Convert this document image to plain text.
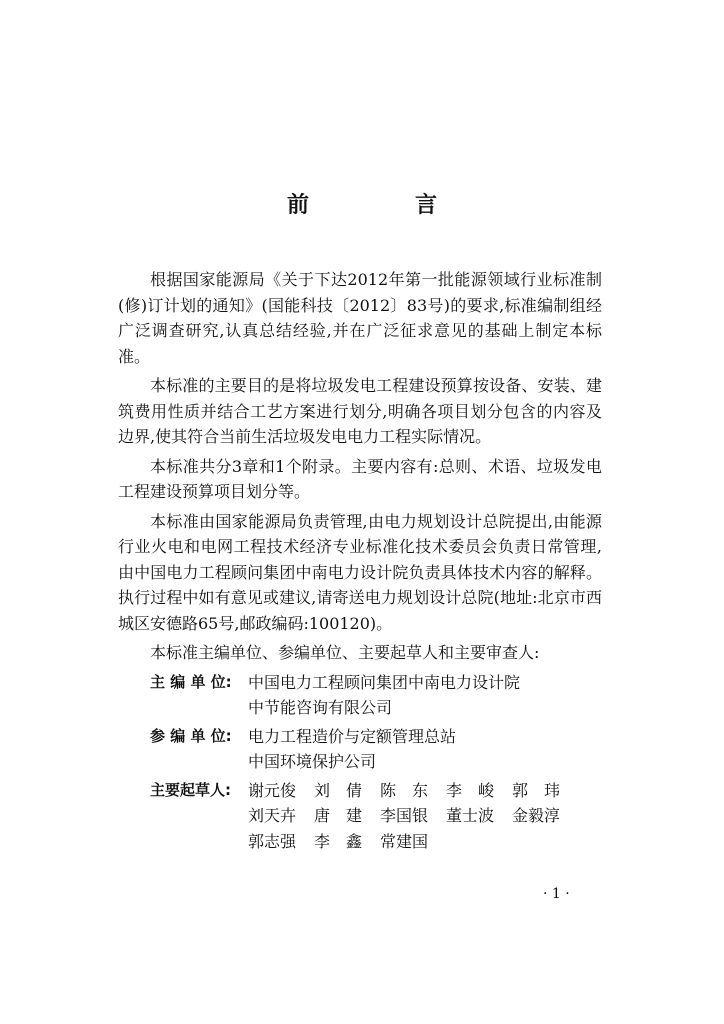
前　言

根据国家能源局《关于下达2012年第一批能源领域行业标准制(修)订计划的通知》(国能科技〔2012〕83号)的要求,标准编制组经广泛调查研究,认真总结经验,并在广泛征求意见的基础上制定本标准。

本标准的主要目的是将垃圾发电工程建设预算按设备、安装、建筑费用性质并结合工艺方案进行划分,明确各项目划分包含的内容及边界,使其符合当前生活垃圾发电电力工程实际情况。

本标准共分3章和1个附录。主要内容有:总则、术语、垃圾发电工程建设预算项目划分等。

本标准由国家能源局负责管理,由电力规划设计总院提出,由能源行业火电和电网工程技术经济专业标准化技术委员会负责日常管理,由中国电力工程顾问集团中南电力设计院负责具体技术内容的解释。执行过程中如有意见或建议,请寄送电力规划设计总院(地址:北京市西城区安德路65号,邮政编码:100120)。

本标准主编单位、参编单位、主要起草人和主要审查人:

主 编 单 位:	中国电力工程顾问集团中南电力设计院
中节能咨询有限公司
参 编 单 位:	电力工程造价与定额管理总站
中国环境保护公司
主要起草人:	谢元俊	刘　倩	陈　东	李　峻	郭　玮
刘天卉	唐　建	李国银	董士波	金毅淳
郭志强	李　鑫	常建国
· 1 ·
